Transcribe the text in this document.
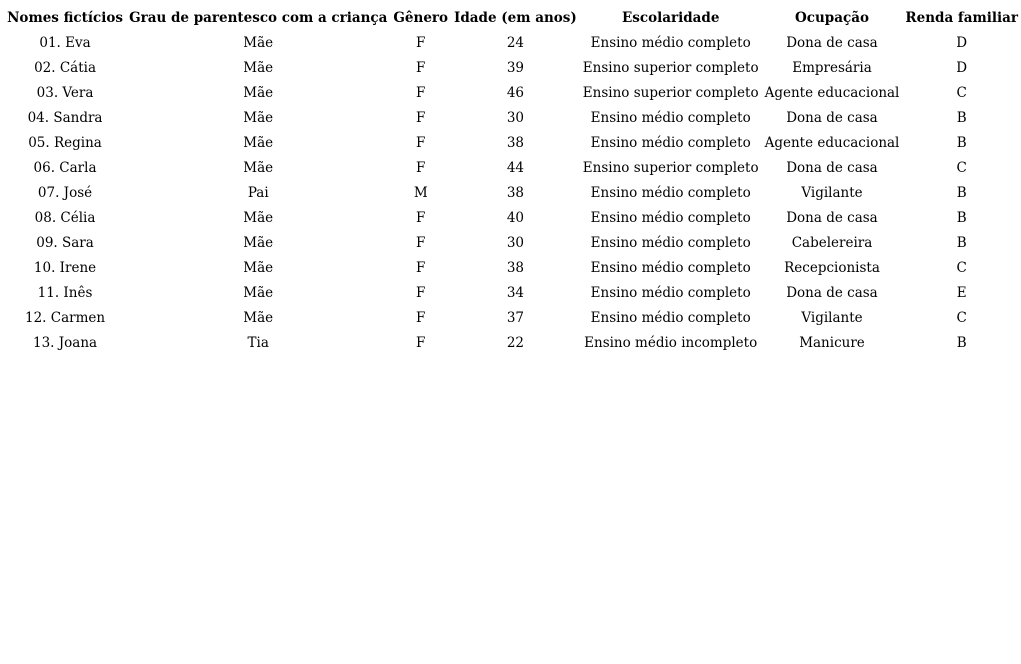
Nomes fictícios	Grau de parentesco com a criança	Gênero	Idade (em anos)	Escolaridade	Ocupação	Renda familiar
01. Eva	Mãe	F	24	Ensino médio completo	Dona de casa	D
02. Cátia	Mãe	F	39	Ensino superior completo	Empresária	D
03. Vera	Mãe	F	46	Ensino superior completo	Agente educacional	C
04. Sandra	Mãe	F	30	Ensino médio completo	Dona de casa	B
05. Regina	Mãe	F	38	Ensino médio completo	Agente educacional	B
06. Carla	Mãe	F	44	Ensino superior completo	Dona de casa	C
07. José	Pai	M	38	Ensino médio completo	Vigilante	B
08. Célia	Mãe	F	40	Ensino médio completo	Dona de casa	B
09. Sara	Mãe	F	30	Ensino médio completo	Cabelereira	B
10. Irene	Mãe	F	38	Ensino médio completo	Recepcionista	C
11. Inês	Mãe	F	34	Ensino médio completo	Dona de casa	E
12. Carmen	Mãe	F	37	Ensino médio completo	Vigilante	C
13. Joana	Tia	F	22	Ensino médio incompleto	Manicure	B
